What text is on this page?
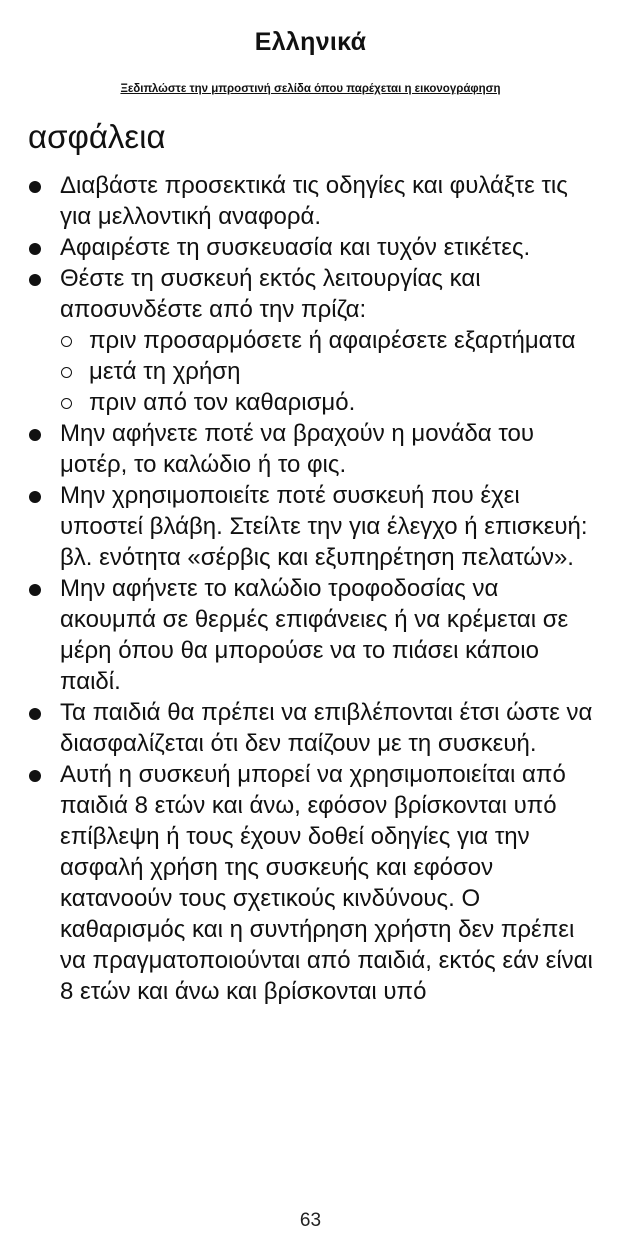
Ελληνικά
Ξεδιπλώστε την μπροστινή σελίδα όπου παρέχεται η εικονογράφηση
ασφάλεια
Διαβάστε προσεκτικά τις οδηγίες και φυλάξτε τις για μελλοντική αναφορά.
Αφαιρέστε τη συσκευασία και τυχόν ετικέτες.
Θέστε τη συσκευή εκτός λειτουργίας και αποσυνδέστε από την πρίζα:
πριν προσαρμόσετε ή αφαιρέσετε εξαρτήματα
μετά τη χρήση
πριν από τον καθαρισμό.
Μην αφήνετε ποτέ να βραχούν η μονάδα του μοτέρ, το καλώδιο ή το φις.
Μην χρησιμοποιείτε ποτέ συσκευή που έχει υποστεί βλάβη. Στείλτε την για έλεγχο ή επισκευή: βλ. ενότητα «σέρβις και εξυπηρέτηση πελατών».
Μην αφήνετε το καλώδιο τροφοδοσίας να ακουμπά σε θερμές επιφάνειες ή να κρέμεται σε μέρη όπου θα μπορούσε να το πιάσει κάποιο παιδί.
Τα παιδιά θα πρέπει να επιβλέπονται έτσι ώστε να διασφαλίζεται ότι δεν παίζουν με τη συσκευή.
Αυτή η συσκευή μπορεί να χρησιμοποιείται από παιδιά 8 ετών και άνω, εφόσον βρίσκονται υπό επίβλεψη ή τους έχουν δοθεί οδηγίες για την ασφαλή χρήση της συσκευής και εφόσον κατανοούν τους σχετικούς κινδύνους. Ο καθαρισμός και η συντήρηση χρήστη δεν πρέπει να πραγματοποιούνται από παιδιά, εκτός εάν είναι 8 ετών και άνω και βρίσκονται υπό
63
